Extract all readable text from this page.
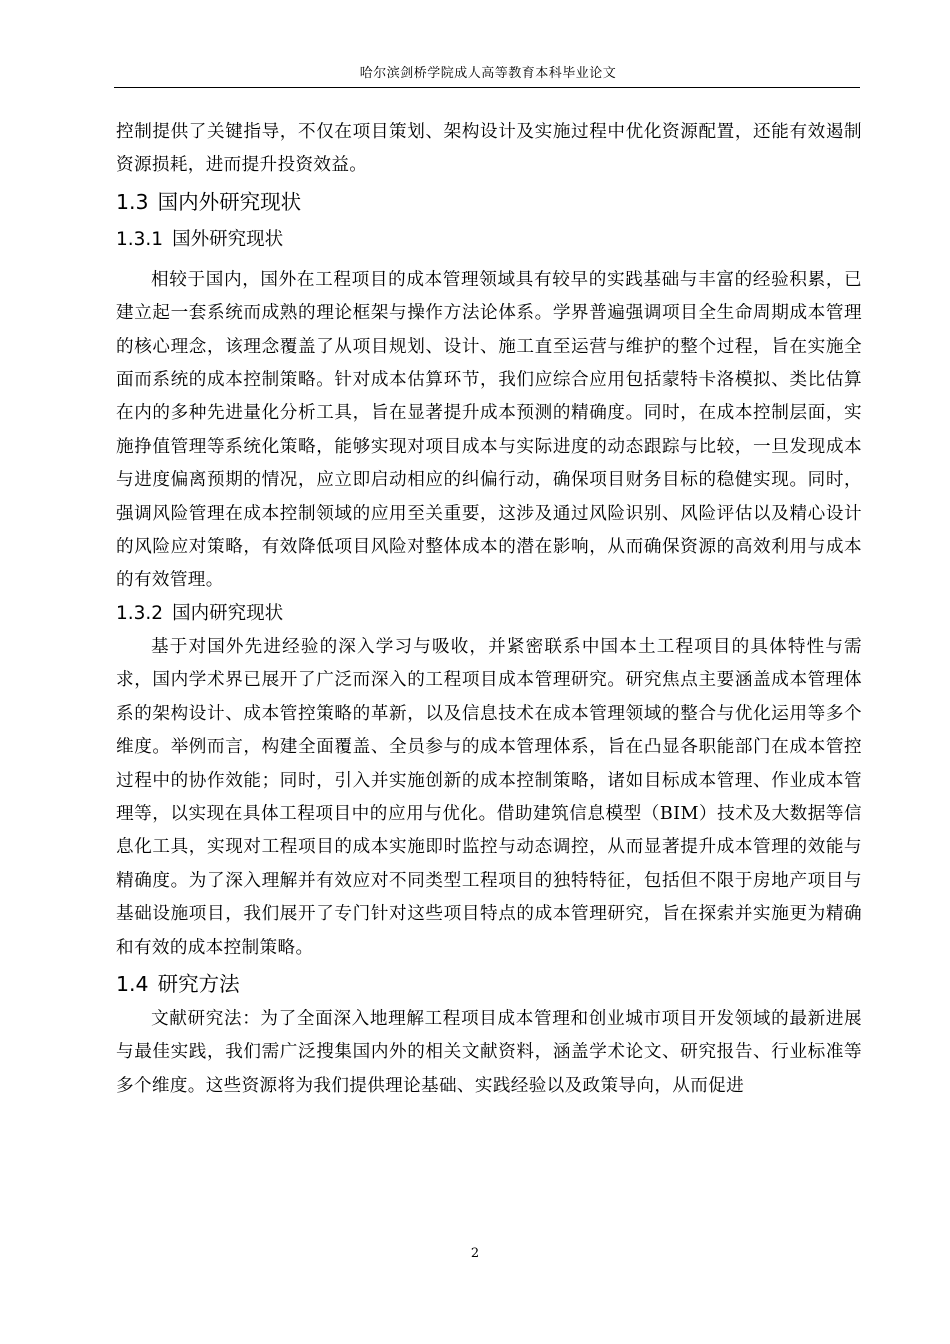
哈尔滨剑桥学院成人高等教育本科毕业论文

控制提供了关键指导，不仅在项目策划、架构设计及实施过程中优化资源配置，还能有效遏制资源损耗，进而提升投资效益。

1.3 国内外研究现状
1.3.1 国外研究现状

相较于国内，国外在工程项目的成本管理领域具有较早的实践基础与丰富的经验积累，已建立起一套系统而成熟的理论框架与操作方法论体系。学界普遍强调项目全生命周期成本管理的核心理念，该理念覆盖了从项目规划、设计、施工直至运营与维护的整个过程，旨在实施全面而系统的成本控制策略。针对成本估算环节，我们应综合应用包括蒙特卡洛模拟、类比估算在内的多种先进量化分析工具，旨在显著提升成本预测的精确度。同时，在成本控制层面，实施挣值管理等系统化策略，能够实现对项目成本与实际进度的动态跟踪与比较，一旦发现成本与进度偏离预期的情况，应立即启动相应的纠偏行动，确保项目财务目标的稳健实现。同时，强调风险管理在成本控制领域的应用至关重要，这涉及通过风险识别、风险评估以及精心设计的风险应对策略，有效降低项目风险对整体成本的潜在影响，从而确保资源的高效利用与成本的有效管理。

1.3.2 国内研究现状

基于对国外先进经验的深入学习与吸收，并紧密联系中国本土工程项目的具体特性与需求，国内学术界已展开了广泛而深入的工程项目成本管理研究。研究焦点主要涵盖成本管理体系的架构设计、成本管控策略的革新，以及信息技术在成本管理领域的整合与优化运用等多个维度。举例而言，构建全面覆盖、全员参与的成本管理体系，旨在凸显各职能部门在成本管控过程中的协作效能；同时，引入并实施创新的成本控制策略，诸如目标成本管理、作业成本管理等，以实现在具体工程项目中的应用与优化。借助建筑信息模型（BIM）技术及大数据等信息化工具，实现对工程项目的成本实施即时监控与动态调控，从而显著提升成本管理的效能与精确度。为了深入理解并有效应对不同类型工程项目的独特特征，包括但不限于房地产项目与基础设施项目，我们展开了专门针对这些项目特点的成本管理研究，旨在探索并实施更为精确和有效的成本控制策略。

1.4 研究方法

文献研究法：为了全面深入地理解工程项目成本管理和创业城市项目开发领域的最新进展与最佳实践，我们需广泛搜集国内外的相关文献资料，涵盖学术论文、研究报告、行业标准等多个维度。这些资源将为我们提供理论基础、实践经验以及政策导向，从而促进

2
